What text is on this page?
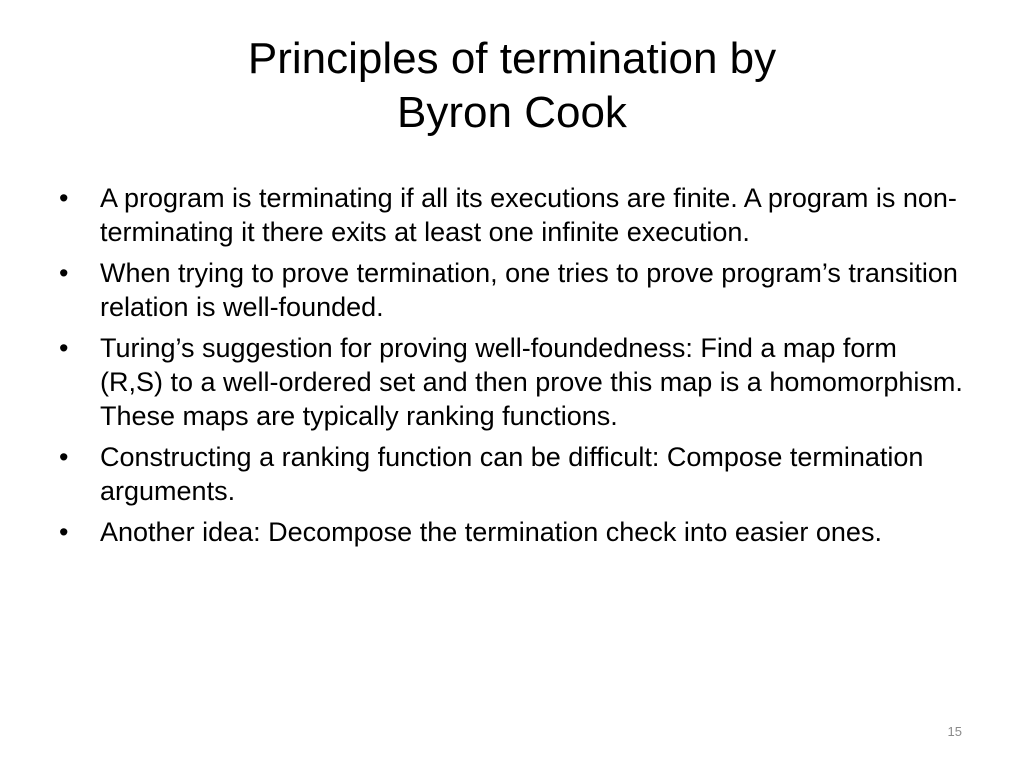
Principles of termination by
Byron Cook
• A program is terminating if all its executions are finite. A program is non-terminating it there exits at least one infinite execution.
• When trying to prove termination, one tries to prove program’s transition relation is well-founded.
• Turing’s suggestion for proving well-foundedness: Find a map form (R,S) to a well-ordered set and then prove this map is a homomorphism. These maps are typically ranking functions.
• Constructing a ranking function can be difficult: Compose termination arguments.
• Another idea: Decompose the termination check into easier ones.
15
